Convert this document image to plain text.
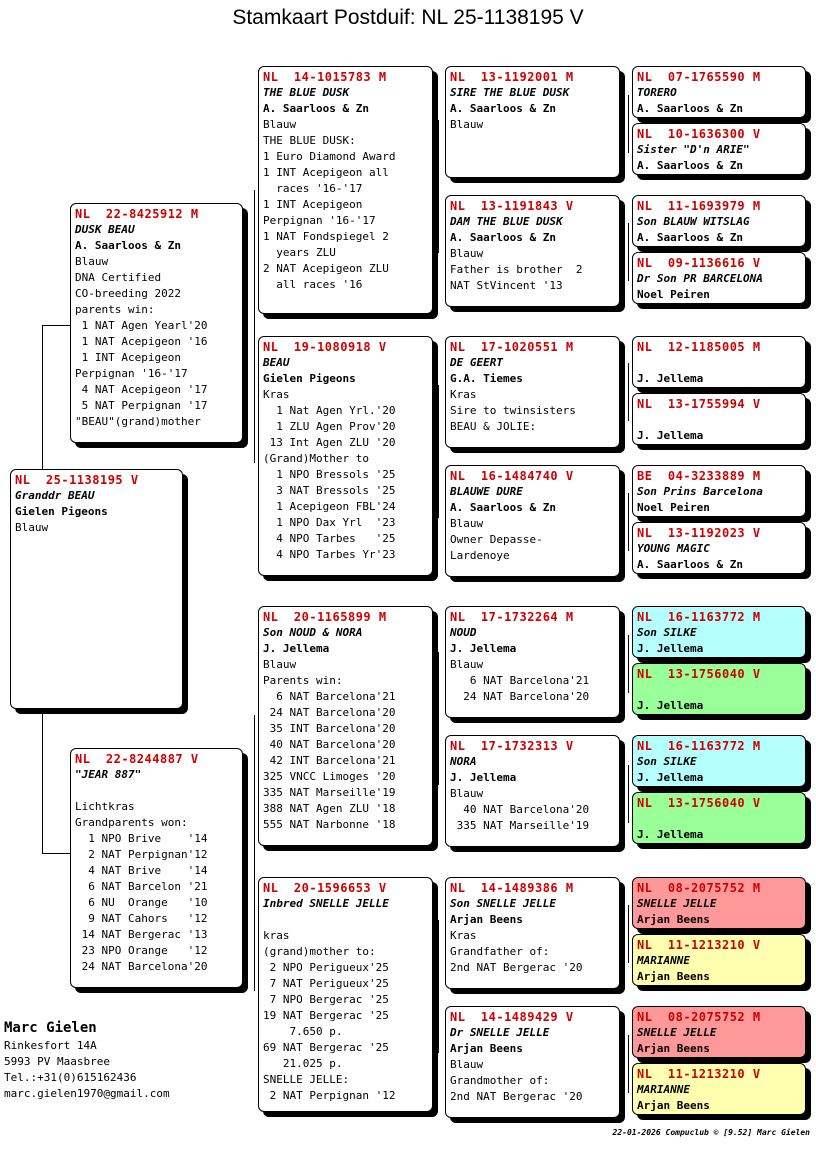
Stamkaart Postduif: NL 25-1138195 V
NL  25-1138195 V
Granddr BEAU
Gielen Pigeons
Blauw
NL  22-8425912 M
DUSK BEAU
A. Saarloos & Zn
Blauw
DNA Certified
CO-breeding 2022
parents win:
1 NAT Agen Yearl'20
1 NAT Acepigeon '16
1 INT Acepigeon
Perpignan '16-'17
4 NAT Acepigeon '17
5 NAT Perpignan '17
"BEAU"(grand)mother
NL  22-8244887 V
"JEAR 887"

Lichtkras
Grandparents won:
1 NPO Brive    '14
2 NAT Perpignan'12
4 NAT Brive    '14
6 NAT Barcelon '21
6 NU  Orange   '10
9 NAT Cahors   '12
14 NAT Bergerac '13
23 NPO Orange   '12
24 NAT Barcelona'20
NL  14-1015783 M
THE BLUE DUSK
A. Saarloos & Zn
Blauw
THE BLUE DUSK:
1 Euro Diamond Award
1 INT Acepigeon all
races '16-'17
1 INT Acepigeon
Perpignan '16-'17
1 NAT Fondspiegel 2
years ZLU
2 NAT Acepigeon ZLU
all races '16
NL  19-1080918 V
BEAU
Gielen Pigeons
Kras
1 Nat Agen Yrl.'20
1 ZLU Agen Prov'20
13 Int Agen ZLU '20
(Grand)Mother to
1 NPO Bressols '25
3 NAT Bressols '25
1 Acepigeon FBL'24
1 NPO Dax Yrl  '23
4 NPO Tarbes   '25
4 NPO Tarbes Yr'23
NL  20-1165899 M
Son NOUD & NORA
J. Jellema
Blauw
Parents win:
6 NAT Barcelona'21
24 NAT Barcelona'20
35 INT Barcelona'20
40 NAT Barcelona'20
42 INT Barcelona'21
325 VNCC Limoges '20
335 NAT Marseille'19
388 NAT Agen ZLU '18
555 NAT Narbonne '18
NL  20-1596653 V
Inbred SNELLE JELLE

kras
(grand)mother to:
2 NPO Perigueux'25
7 NAT Perigueux'25
7 NPO Bergerac '25
19 NAT Bergerac '25
7.650 p.
69 NAT Bergerac '25
21.025 p.
SNELLE JELLE:
2 NAT Perpignan '12
NL  13-1192001 M
SIRE THE BLUE DUSK
A. Saarloos & Zn
Blauw
NL  13-1191843 V
DAM THE BLUE DUSK
A. Saarloos & Zn
Blauw
Father is brother  2
NAT StVincent '13
NL  17-1020551 M
DE GEERT
G.A. Tiemes
Kras
Sire to twinsisters
BEAU & JOLIE:
NL  16-1484740 V
BLAUWE DURE
A. Saarloos & Zn
Blauw
Owner Depasse-
Lardenoye
NL  17-1732264 M
NOUD
J. Jellema
Blauw
6 NAT Barcelona'21
24 NAT Barcelona'20
NL  17-1732313 V
NORA
J. Jellema
Blauw
40 NAT Barcelona'20
335 NAT Marseille'19
NL  14-1489386 M
Son SNELLE JELLE
Arjan Beens
Kras
Grandfather of:
2nd NAT Bergerac '20
NL  14-1489429 V
Dr SNELLE JELLE
Arjan Beens
Blauw
Grandmother of:
2nd NAT Bergerac '20
NL  07-1765590 M
TORERO
A. Saarloos & Zn
NL  10-1636300 V
Sister "D'n ARIE"
A. Saarloos & Zn
NL  11-1693979 M
Son BLAUW WITSLAG
A. Saarloos & Zn
NL  09-1136616 V
Dr Son PR BARCELONA
Noel Peiren
NL  12-1185005 M

J. Jellema
NL  13-1755994 V

J. Jellema
BE  04-3233889 M
Son Prins Barcelona
Noel Peiren
NL  13-1192023 V
YOUNG MAGIC
A. Saarloos & Zn
NL  16-1163772 M
Son SILKE
J. Jellema
NL  13-1756040 V

J. Jellema
NL  16-1163772 M
Son SILKE
J. Jellema
NL  13-1756040 V

J. Jellema
NL  08-2075752 M
SNELLE JELLE
Arjan Beens
NL  11-1213210 V
MARIANNE
Arjan Beens
NL  08-2075752 M
SNELLE JELLE
Arjan Beens
NL  11-1213210 V
MARIANNE
Arjan Beens
Marc Gielen
Rinkesfort 14A
5993 PV Maasbree
Tel.:+31(0)615162436
marc.gielen1970@gmail.com
22-01-2026 Compuclub © [9.52] Marc Gielen
